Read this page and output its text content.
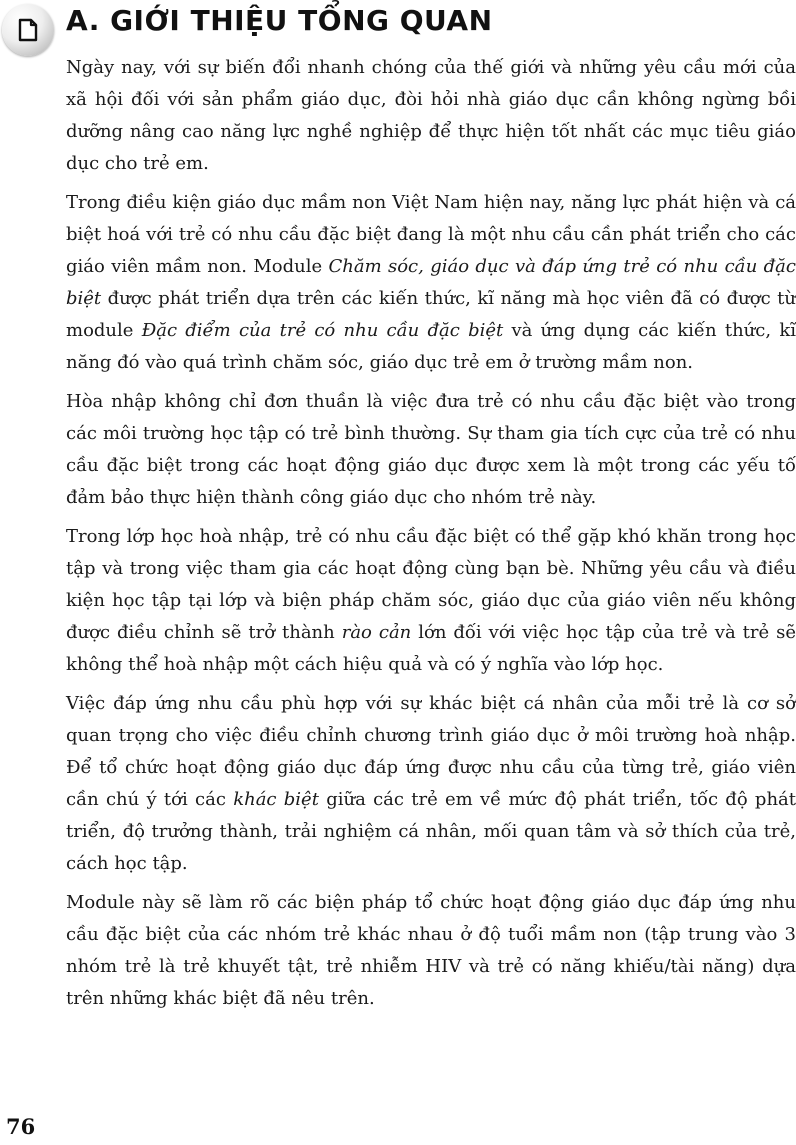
A. GIỚI THIỆU TỔNG QUAN

Ngày nay, với sự biến đổi nhanh chóng của thế giới và những yêu cầu mới của xã hội đối với sản phẩm giáo dục, đòi hỏi nhà giáo dục cần không ngừng bồi dưỡng nâng cao năng lực nghề nghiệp để thực hiện tốt nhất các mục tiêu giáo dục cho trẻ em.

Trong điều kiện giáo dục mầm non Việt Nam hiện nay, năng lực phát hiện và cá biệt hoá với trẻ có nhu cầu đặc biệt đang là một nhu cầu cần phát triển cho các giáo viên mầm non. Module Chăm sóc, giáo dục và đáp ứng trẻ có nhu cầu đặc biệt được phát triển dựa trên các kiến thức, kĩ năng mà học viên đã có được từ module Đặc điểm của trẻ có nhu cầu đặc biệt và ứng dụng các kiến thức, kĩ năng đó vào quá trình chăm sóc, giáo dục trẻ em ở trường mầm non.

Hòa nhập không chỉ đơn thuần là việc đưa trẻ có nhu cầu đặc biệt vào trong các môi trường học tập có trẻ bình thường. Sự tham gia tích cực của trẻ có nhu cầu đặc biệt trong các hoạt động giáo dục được xem là một trong các yếu tố đảm bảo thực hiện thành công giáo dục cho nhóm trẻ này.

Trong lớp học hoà nhập, trẻ có nhu cầu đặc biệt có thể gặp khó khăn trong học tập và trong việc tham gia các hoạt động cùng bạn bè. Những yêu cầu và điều kiện học tập tại lớp và biện pháp chăm sóc, giáo dục của giáo viên nếu không được điều chỉnh sẽ trở thành rào cản lớn đối với việc học tập của trẻ và trẻ sẽ không thể hoà nhập một cách hiệu quả và có ý nghĩa vào lớp học.

Việc đáp ứng nhu cầu phù hợp với sự khác biệt cá nhân của mỗi trẻ là cơ sở quan trọng cho việc điều chỉnh chương trình giáo dục ở môi trường hoà nhập. Để tổ chức hoạt động giáo dục đáp ứng được nhu cầu của từng trẻ, giáo viên cần chú ý tới các khác biệt giữa các trẻ em về mức độ phát triển, tốc độ phát triển, độ trưởng thành, trải nghiệm cá nhân, mối quan tâm và sở thích của trẻ, cách học tập.

Module này sẽ làm rõ các biện pháp tổ chức hoạt động giáo dục đáp ứng nhu cầu đặc biệt của các nhóm trẻ khác nhau ở độ tuổi mầm non (tập trung vào 3 nhóm trẻ là trẻ khuyết tật, trẻ nhiễm HIV và trẻ có năng khiếu/tài năng) dựa trên những khác biệt đã nêu trên.

76
